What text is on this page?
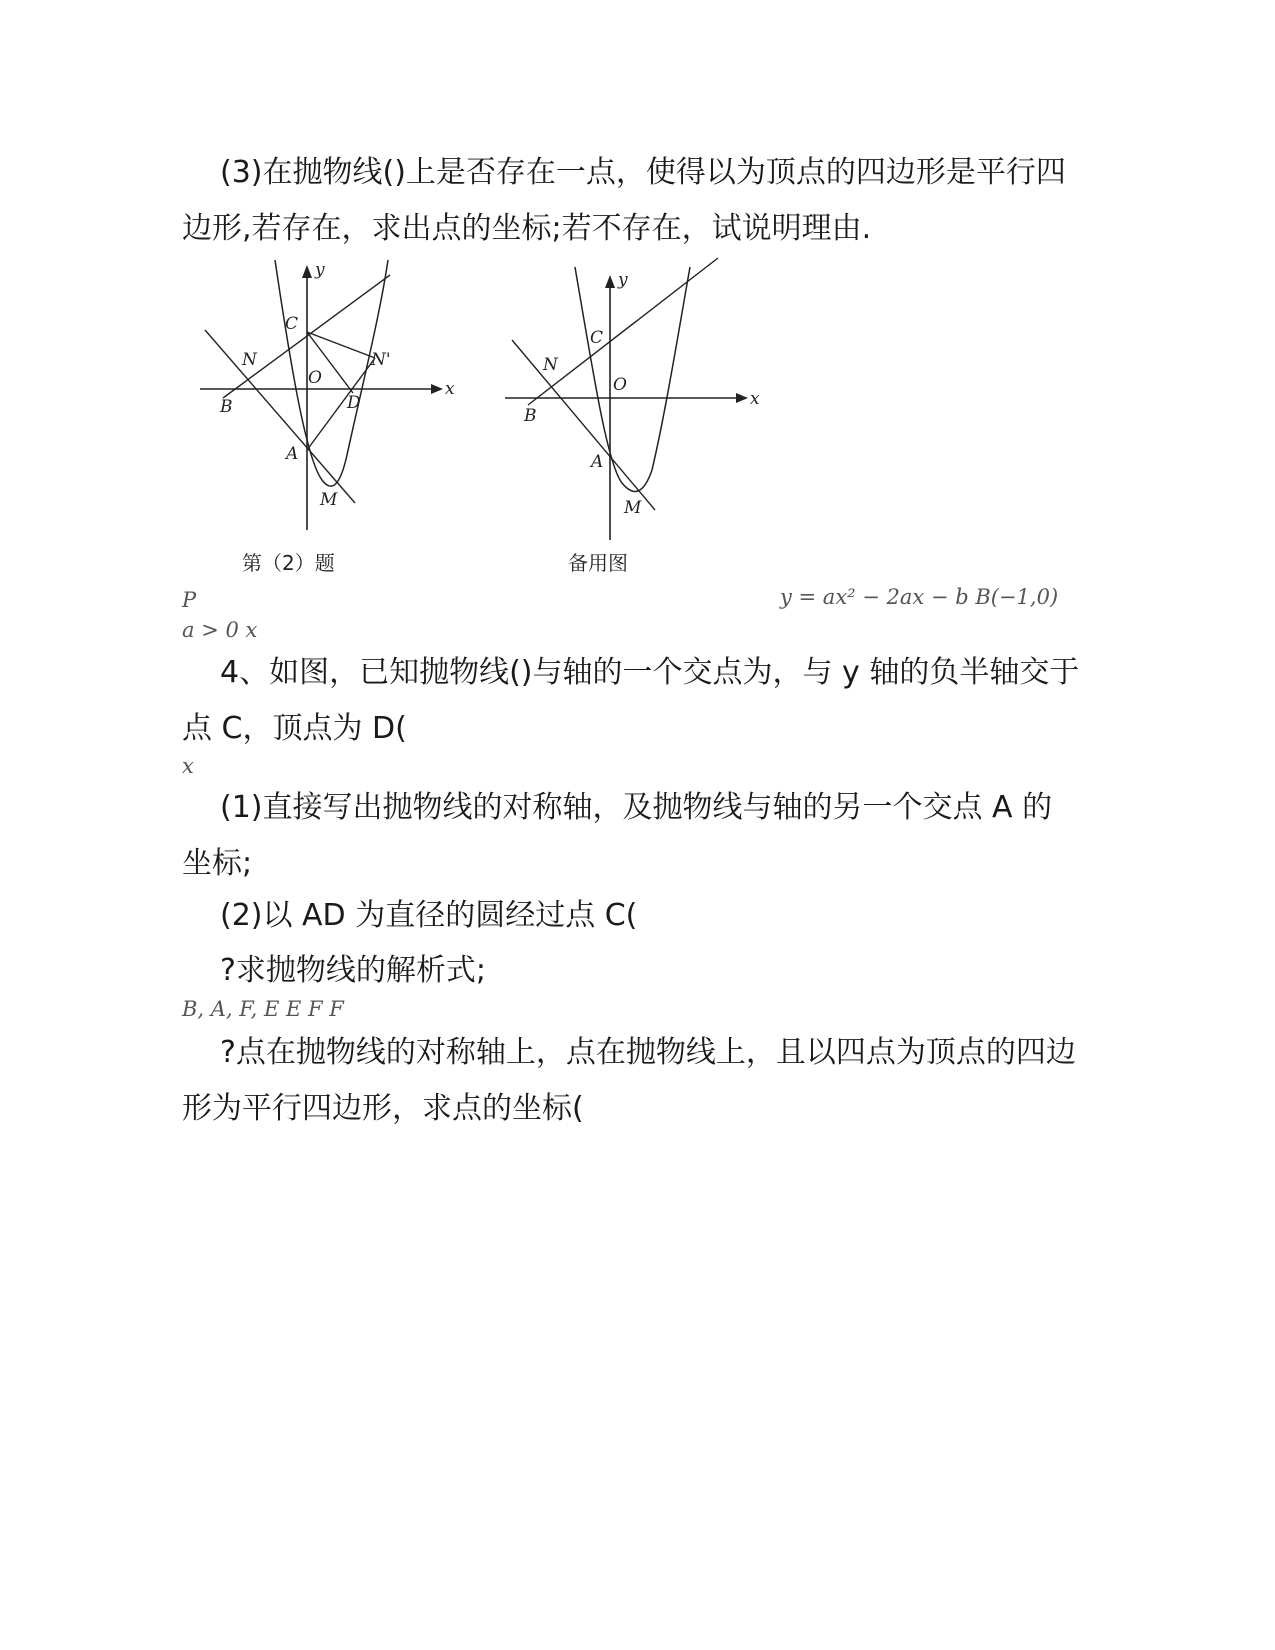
(3)在抛物线()上是否存在一点，使得以为顶点的四边形是平行四边形,若存在，求出点的坐标;若不存在，试说明理由.

y
x
C
O
N	N'
B	D
A
M
第（2）题
y
x
C
O
N
B
A
M
备用图
P	y = ax² − 2ax − b B(−1,0)
a > 0 x

4、如图，已知抛物线()与轴的一个交点为，与 y 轴的负半轴交于点 C，顶点为 D(

x

(1)直接写出抛物线的对称轴，及抛物线与轴的另一个交点 A 的坐标;

(2)以 AD 为直径的圆经过点 C(

?求抛物线的解析式;

B, A, F, E E F F

?点在抛物线的对称轴上，点在抛物线上，且以四点为顶点的四边形为平行四边形，求点的坐标(
